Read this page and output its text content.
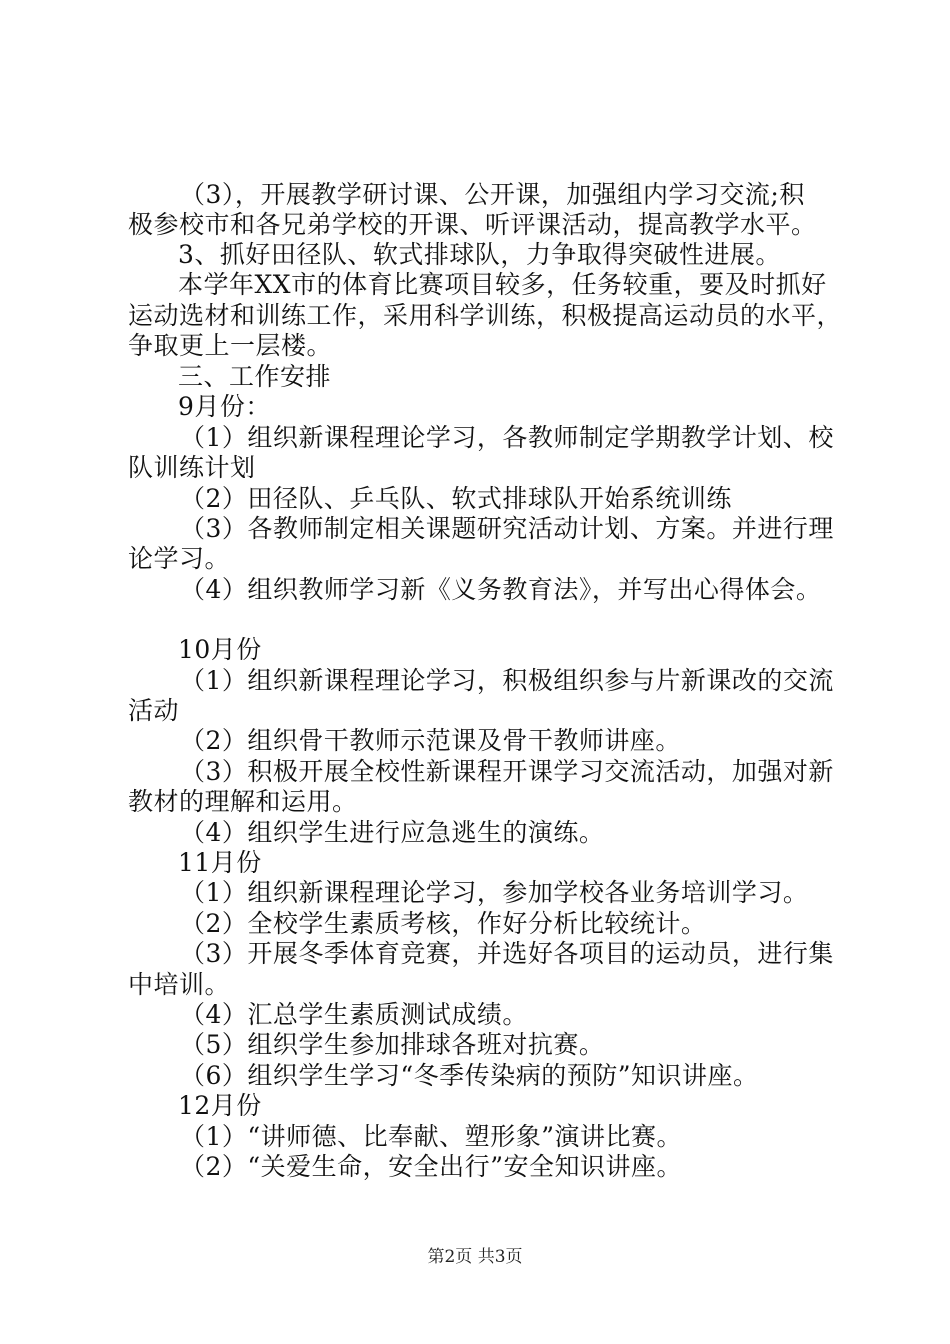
（3），开展教学研讨课、公开课，加强组内学习交流;积
极参校市和各兄弟学校的开课、听评课活动，提高教学水平。
3、抓好田径队、软式排球队，力争取得突破性进展。
本学年XX市的体育比赛项目较多，任务较重，要及时抓好
运动选材和训练工作，采用科学训练，积极提高运动员的水平，
争取更上一层楼。
三、工作安排
9月份：
（1）组织新课程理论学习，各教师制定学期教学计划、校
队训练计划
（2）田径队、乒乓队、软式排球队开始系统训练
（3）各教师制定相关课题研究活动计划、方案。并进行理
论学习。
（4）组织教师学习新《义务教育法》，并写出心得体会。
10月份
（1）组织新课程理论学习，积极组织参与片新课改的交流
活动
（2）组织骨干教师示范课及骨干教师讲座。
（3）积极开展全校性新课程开课学习交流活动，加强对新
教材的理解和运用。
（4）组织学生进行应急逃生的演练。
11月份
（1）组织新课程理论学习，参加学校各业务培训学习。
（2）全校学生素质考核，作好分析比较统计。
（3）开展冬季体育竞赛，并选好各项目的运动员，进行集
中培训。
（4）汇总学生素质测试成绩。
（5）组织学生参加排球各班对抗赛。
（6）组织学生学习“冬季传染病的预防”知识讲座。
12月份
（1）“讲师德、比奉献、塑形象”演讲比赛。
（2）“关爱生命，安全出行”安全知识讲座。
第2页 共3页
